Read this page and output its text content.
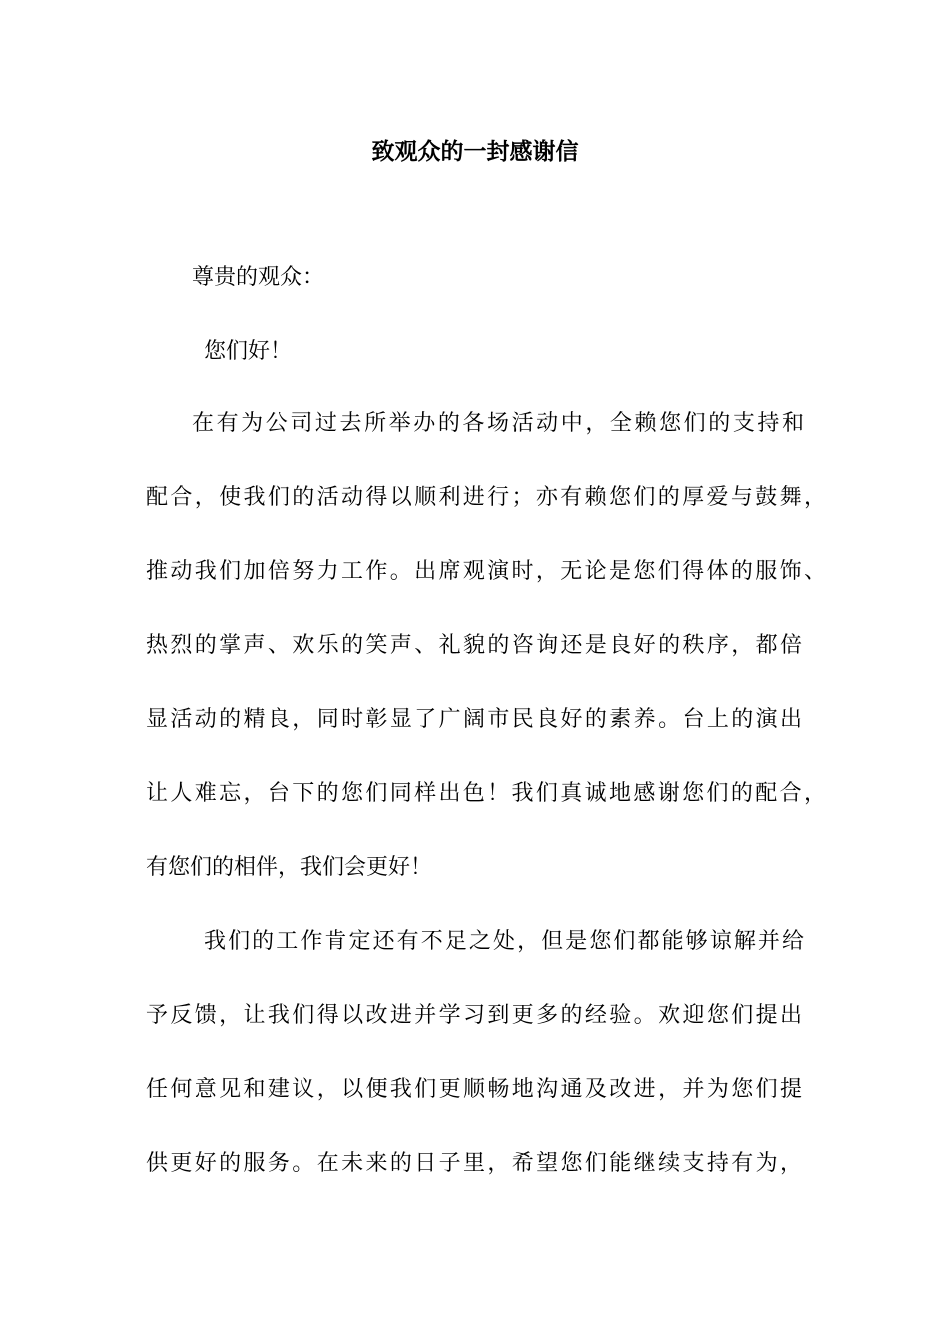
致观众的一封感谢信
尊贵的观众：
您们好！
在有为公司过去所举办的各场活动中，全赖您们的支持和
配合，使我们的活动得以顺利进行；亦有赖您们的厚爱与鼓舞，
推动我们加倍努力工作。出席观演时，无论是您们得体的服饰、
热烈的掌声、欢乐的笑声、礼貌的咨询还是良好的秩序，都倍
显活动的精良，同时彰显了广阔市民良好的素养。台上的演出
让人难忘，台下的您们同样出色！我们真诚地感谢您们的配合，
有您们的相伴，我们会更好！
我们的工作肯定还有不足之处，但是您们都能够谅解并给
予反馈，让我们得以改进并学习到更多的经验。欢迎您们提出
任何意见和建议，以便我们更顺畅地沟通及改进，并为您们提
供更好的服务。在未来的日子里，希望您们能继续支持有为，
